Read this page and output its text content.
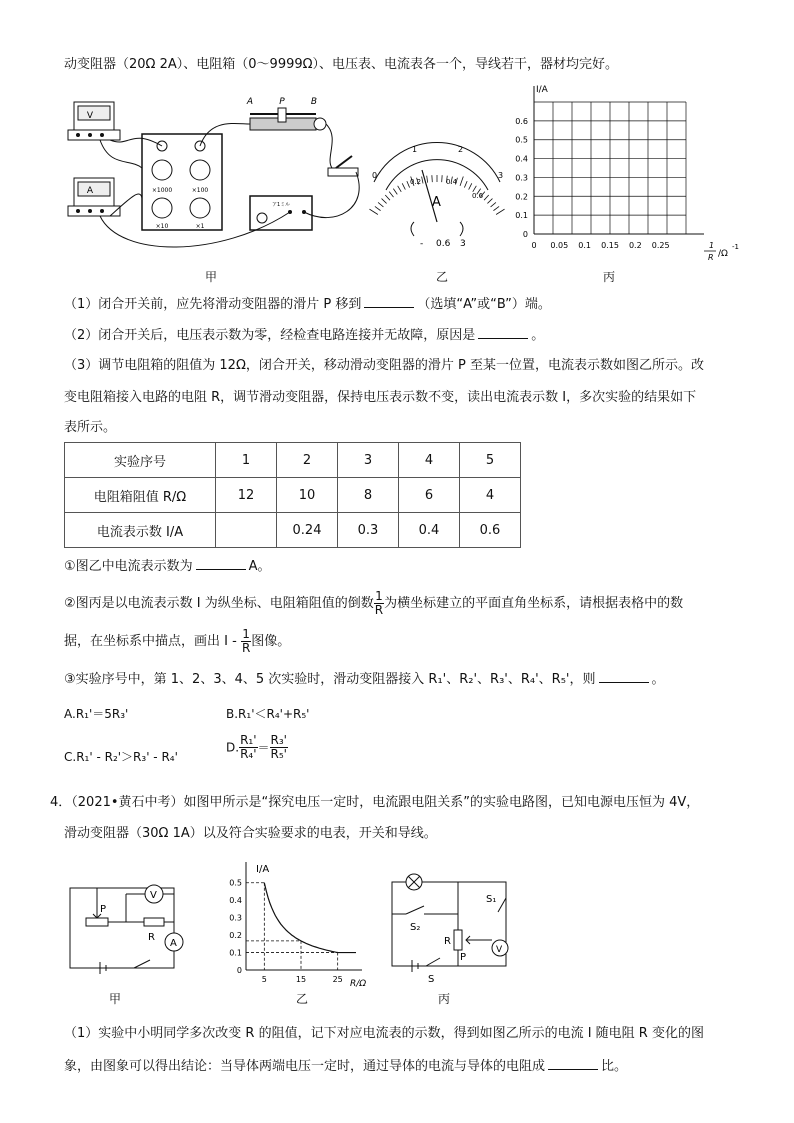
动变阻器（20Ω 2A）、电阻箱（0～9999Ω）、电压表、电流表各一个，导线若干，器材均完好。
V
A	×1000	×100
×10	×1
A	P	B
ア1ミル
甲
0
1	2
3
0.2	0.4
0.6
A
- 0.6 3
乙
0 0.05 0.1 0.15 0.2 0.25
0
0.1
0.2
0.3
0.4
0.5
0.6
I/A
1
R /Ω
-1
丙
（1）闭合开关前，应先将滑动变阻器的滑片 P 移到	（选填“A”或“B”）端。
（2）闭合开关后，电压表示数为零，经检查电路连接并无故障，原因是	。
（3）调节电阻箱的阻值为 12Ω，闭合开关，移动滑动变阻器的滑片 P 至某一位置，电流表示数如图乙所示。改
变电阻箱接入电路的电阻 R，调节滑动变阻器，保持电压表示数不变，读出电流表示数 I，多次实验的结果如下
表所示。
实验序号	1	2	3	4	5
电阻箱阻值 R/Ω	12	10	8	6	4
电流表示数 I/A		0.24	0.3	0.4	0.6
①图乙中电流表示数为	A。
②图丙是以电流表示数 I 为纵坐标、电阻箱阻值的倒数 $\frac{1}{R}$ 为横坐标建立的平面直角坐标系，请根据表格中的数
据，在坐标系中描点，画出 I - $\frac{1}{R}$ 图像。
③实验序号中，第 1、2、3、4、5 次实验时，滑动变阻器接入 R₁'、R₂'、R₃'、R₄'、R₅'，则	。
A.R₁'＝5R₃'	B.R₁'＜R₄'+R₅'
C.R₁' - R₂'＞R₃' - R₄'
D. $\frac{\text{R₁'}}{\text{R₄'}} = \frac{\text{R₃'}}{\text{R₅'}}$
4．（2021•黄石中考）如图甲所示是“探究电压一定时，电流跟电阻关系”的实验电路图，已知电源电压恒为 4V，
滑动变阻器（30Ω 1A）以及符合实验要求的电表，开关和导线。
P
R
V
A
甲
0
0.1
0.2
0.3
0.4
0.5
5	15	25
I/A
R/Ω
乙
S₁
S₂
R
P
S
V
丙
（1）实验中小明同学多次改变 R 的阻值，记下对应电流表的示数，得到如图乙所示的电流 I 随电阻 R 变化的图
象，由图象可以得出结论：当导体两端电压一定时，通过导体的电流与导体的电阻成	比。
